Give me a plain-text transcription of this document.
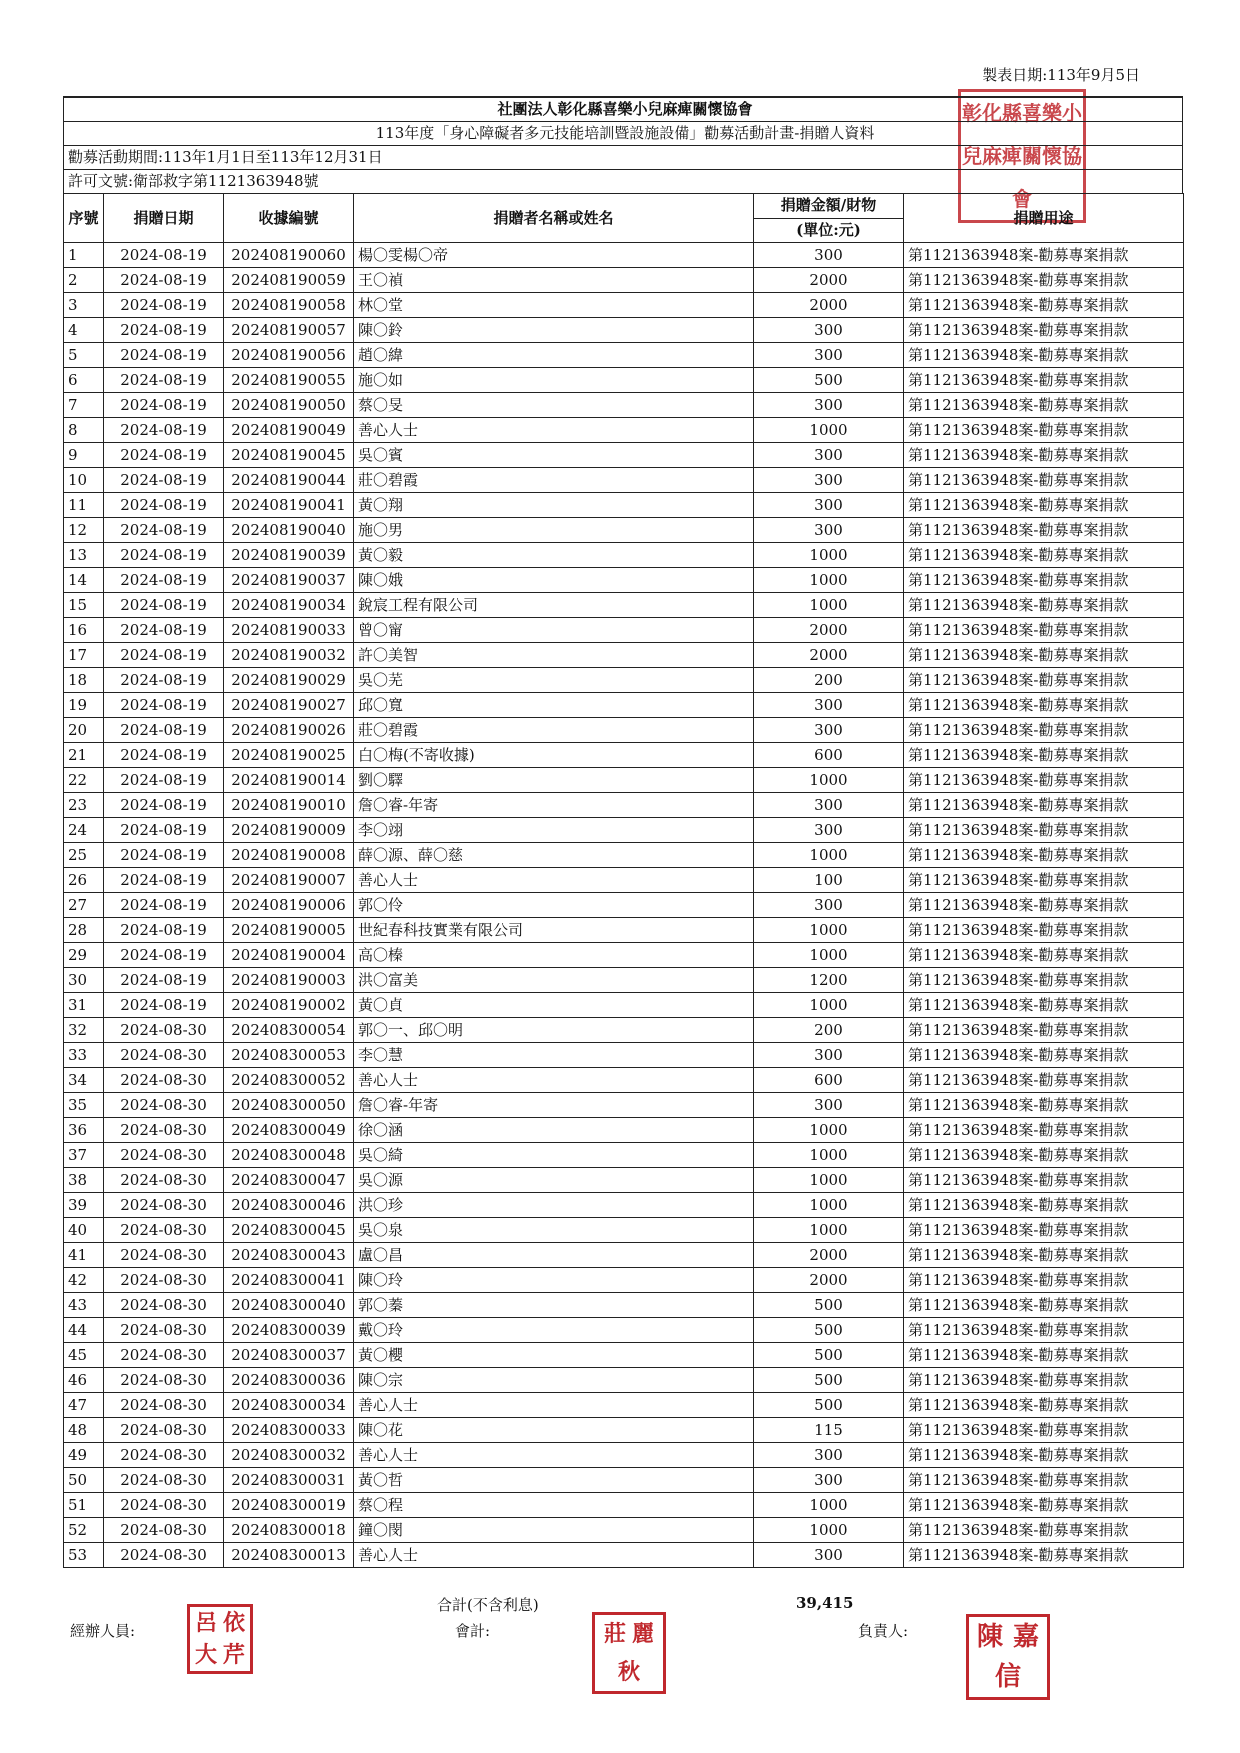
製表日期:113年9月5日
彰 化 縣 喜 樂 小
兒 麻 痺 關 懷 協
會
社團法人彰化縣喜樂小兒麻痺關懷協會
113年度「身心障礙者多元技能培訓暨設施設備」勸募活動計畫-捐贈人資料
勸募活動期間:113年1月1日至113年12月31日
許可文號:衛部救字第1121363948號
序號	捐贈日期	收據編號	捐贈者名稱或姓名	捐贈金額/財物	捐贈用途
				(單位:元)	
1	2024-08-19	202408190060	楊〇雯楊〇帝	300	第1121363948案-勸募專案捐款
2	2024-08-19	202408190059	王〇禎	2000	第1121363948案-勸募專案捐款
3	2024-08-19	202408190058	林〇堂	2000	第1121363948案-勸募專案捐款
4	2024-08-19	202408190057	陳〇鈴	300	第1121363948案-勸募專案捐款
5	2024-08-19	202408190056	趙〇緯	300	第1121363948案-勸募專案捐款
6	2024-08-19	202408190055	施〇如	500	第1121363948案-勸募專案捐款
7	2024-08-19	202408190050	蔡〇旻	300	第1121363948案-勸募專案捐款
8	2024-08-19	202408190049	善心人士	1000	第1121363948案-勸募專案捐款
9	2024-08-19	202408190045	吳〇賓	300	第1121363948案-勸募專案捐款
10	2024-08-19	202408190044	莊〇碧霞	300	第1121363948案-勸募專案捐款
11	2024-08-19	202408190041	黃〇翔	300	第1121363948案-勸募專案捐款
12	2024-08-19	202408190040	施〇男	300	第1121363948案-勸募專案捐款
13	2024-08-19	202408190039	黃〇毅	1000	第1121363948案-勸募專案捐款
14	2024-08-19	202408190037	陳〇娥	1000	第1121363948案-勸募專案捐款
15	2024-08-19	202408190034	銳宸工程有限公司	1000	第1121363948案-勸募專案捐款
16	2024-08-19	202408190033	曾〇甯	2000	第1121363948案-勸募專案捐款
17	2024-08-19	202408190032	許〇美智	2000	第1121363948案-勸募專案捐款
18	2024-08-19	202408190029	吳〇芜	200	第1121363948案-勸募專案捐款
19	2024-08-19	202408190027	邱〇寬	300	第1121363948案-勸募專案捐款
20	2024-08-19	202408190026	莊〇碧霞	300	第1121363948案-勸募專案捐款
21	2024-08-19	202408190025	白〇梅(不寄收據)	600	第1121363948案-勸募專案捐款
22	2024-08-19	202408190014	劉〇驛	1000	第1121363948案-勸募專案捐款
23	2024-08-19	202408190010	詹〇睿-年寄	300	第1121363948案-勸募專案捐款
24	2024-08-19	202408190009	李〇翊	300	第1121363948案-勸募專案捐款
25	2024-08-19	202408190008	薛〇源、薛〇慈	1000	第1121363948案-勸募專案捐款
26	2024-08-19	202408190007	善心人士	100	第1121363948案-勸募專案捐款
27	2024-08-19	202408190006	郭〇伶	300	第1121363948案-勸募專案捐款
28	2024-08-19	202408190005	世紀春科技實業有限公司	1000	第1121363948案-勸募專案捐款
29	2024-08-19	202408190004	高〇榛	1000	第1121363948案-勸募專案捐款
30	2024-08-19	202408190003	洪〇富美	1200	第1121363948案-勸募專案捐款
31	2024-08-19	202408190002	黃〇貞	1000	第1121363948案-勸募專案捐款
32	2024-08-30	202408300054	郭〇一、邱〇明	200	第1121363948案-勸募專案捐款
33	2024-08-30	202408300053	李〇慧	300	第1121363948案-勸募專案捐款
34	2024-08-30	202408300052	善心人士	600	第1121363948案-勸募專案捐款
35	2024-08-30	202408300050	詹〇睿-年寄	300	第1121363948案-勸募專案捐款
36	2024-08-30	202408300049	徐〇涵	1000	第1121363948案-勸募專案捐款
37	2024-08-30	202408300048	吳〇綺	1000	第1121363948案-勸募專案捐款
38	2024-08-30	202408300047	吳〇源	1000	第1121363948案-勸募專案捐款
39	2024-08-30	202408300046	洪〇珍	1000	第1121363948案-勸募專案捐款
40	2024-08-30	202408300045	吳〇泉	1000	第1121363948案-勸募專案捐款
41	2024-08-30	202408300043	盧〇昌	2000	第1121363948案-勸募專案捐款
42	2024-08-30	202408300041	陳〇玲	2000	第1121363948案-勸募專案捐款
43	2024-08-30	202408300040	郭〇蓁	500	第1121363948案-勸募專案捐款
44	2024-08-30	202408300039	戴〇玲	500	第1121363948案-勸募專案捐款
45	2024-08-30	202408300037	黃〇櫻	500	第1121363948案-勸募專案捐款
46	2024-08-30	202408300036	陳〇宗	500	第1121363948案-勸募專案捐款
47	2024-08-30	202408300034	善心人士	500	第1121363948案-勸募專案捐款
48	2024-08-30	202408300033	陳〇花	115	第1121363948案-勸募專案捐款
49	2024-08-30	202408300032	善心人士	300	第1121363948案-勸募專案捐款
50	2024-08-30	202408300031	黃〇哲	300	第1121363948案-勸募專案捐款
51	2024-08-30	202408300019	蔡〇程	1000	第1121363948案-勸募專案捐款
52	2024-08-30	202408300018	鐘〇閔	1000	第1121363948案-勸募專案捐款
53	2024-08-30	202408300013	善心人士	300	第1121363948案-勸募專案捐款
合計(不含利息)	39,415
經辦人員:	會計:	負責人:
呂 依
大 芹
莊 麗
秋
陳 嘉
信
